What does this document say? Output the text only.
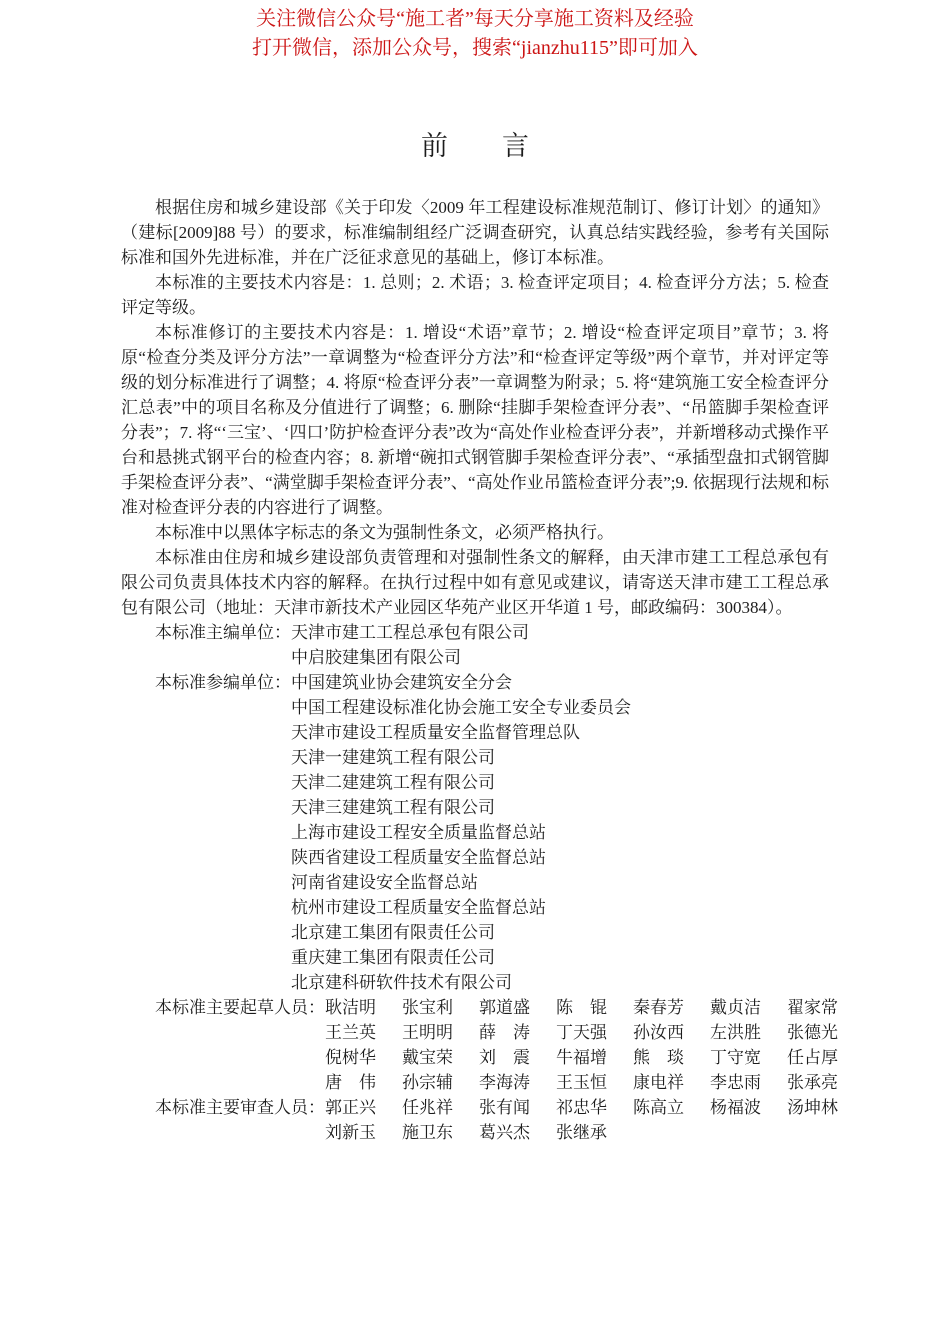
关注微信公众号“施工者”每天分享施工资料及经验
打开微信，添加公众号，搜索“jianzhu115”即可加入
前　　言

根据住房和城乡建设部《关于印发〈2009 年工程建设标准规范制订、修订计划〉的通知》（建标[2009]88 号）的要求，标准编制组经广泛调查研究，认真总结实践经验，参考有关国际标准和国外先进标准，并在广泛征求意见的基础上，修订本标准。

本标准的主要技术内容是：1. 总则；2. 术语；3. 检查评定项目；4. 检查评分方法；5. 检查评定等级。

本标准修订的主要技术内容是：1. 增设“术语”章节；2. 增设“检查评定项目”章节；3. 将原“检查分类及评分方法”一章调整为“检查评分方法”和“检查评定等级”两个章节，并对评定等级的划分标准进行了调整；4. 将原“检查评分表”一章调整为附录；5. 将“建筑施工安全检查评分汇总表”中的项目名称及分值进行了调整；6. 删除“挂脚手架检查评分表”、“吊篮脚手架检查评分表”；7. 将“‘三宝’、‘四口’防护检查评分表”改为“高处作业检查评分表”，并新增移动式操作平台和悬挑式钢平台的检查内容；8. 新增“碗扣式钢管脚手架检查评分表”、“承插型盘扣式钢管脚手架检查评分表”、“满堂脚手架检查评分表”、“高处作业吊篮检查评分表”;9. 依据现行法规和标准对检查评分表的内容进行了调整。

本标准中以黑体字标志的条文为强制性条文，必须严格执行。

本标准由住房和城乡建设部负责管理和对强制性条文的解释，由天津市建工工程总承包有限公司负责具体技术内容的解释。在执行过程中如有意见或建议，请寄送天津市建工工程总承包有限公司（地址：天津市新技术产业园区华苑产业区开华道 1 号，邮政编码：300384）。

本标准主编单位： 天津市建工工程总承包有限公司
中启胶建集团有限公司
本标准参编单位： 中国建筑业协会建筑安全分会
中国工程建设标准化协会施工安全专业委员会
天津市建设工程质量安全监督管理总队
天津一建建筑工程有限公司
天津二建建筑工程有限公司
天津三建建筑工程有限公司
上海市建设工程安全质量监督总站
陕西省建设工程质量安全监督总站
河南省建设安全监督总站
杭州市建设工程质量安全监督总站
北京建工集团有限责任公司
重庆建工集团有限责任公司
北京建科研软件技术有限公司
本标准主要起草人员： 耿洁明 张宝利 郭道盛 陈　锟 秦春芳 戴贞洁 翟家常
王兰英 王明明 薛　涛 丁天强 孙汝西 左洪胜 张德光
倪树华 戴宝荣 刘　震 牛福增 熊　琰 丁守宽 任占厚
唐　伟 孙宗辅 李海涛 王玉恒 康电祥 李忠雨 张承亮
本标准主要审查人员： 郭正兴 任兆祥 张有闻 祁忠华 陈高立 杨福波 汤坤林
刘新玉 施卫东 葛兴杰 张继承
